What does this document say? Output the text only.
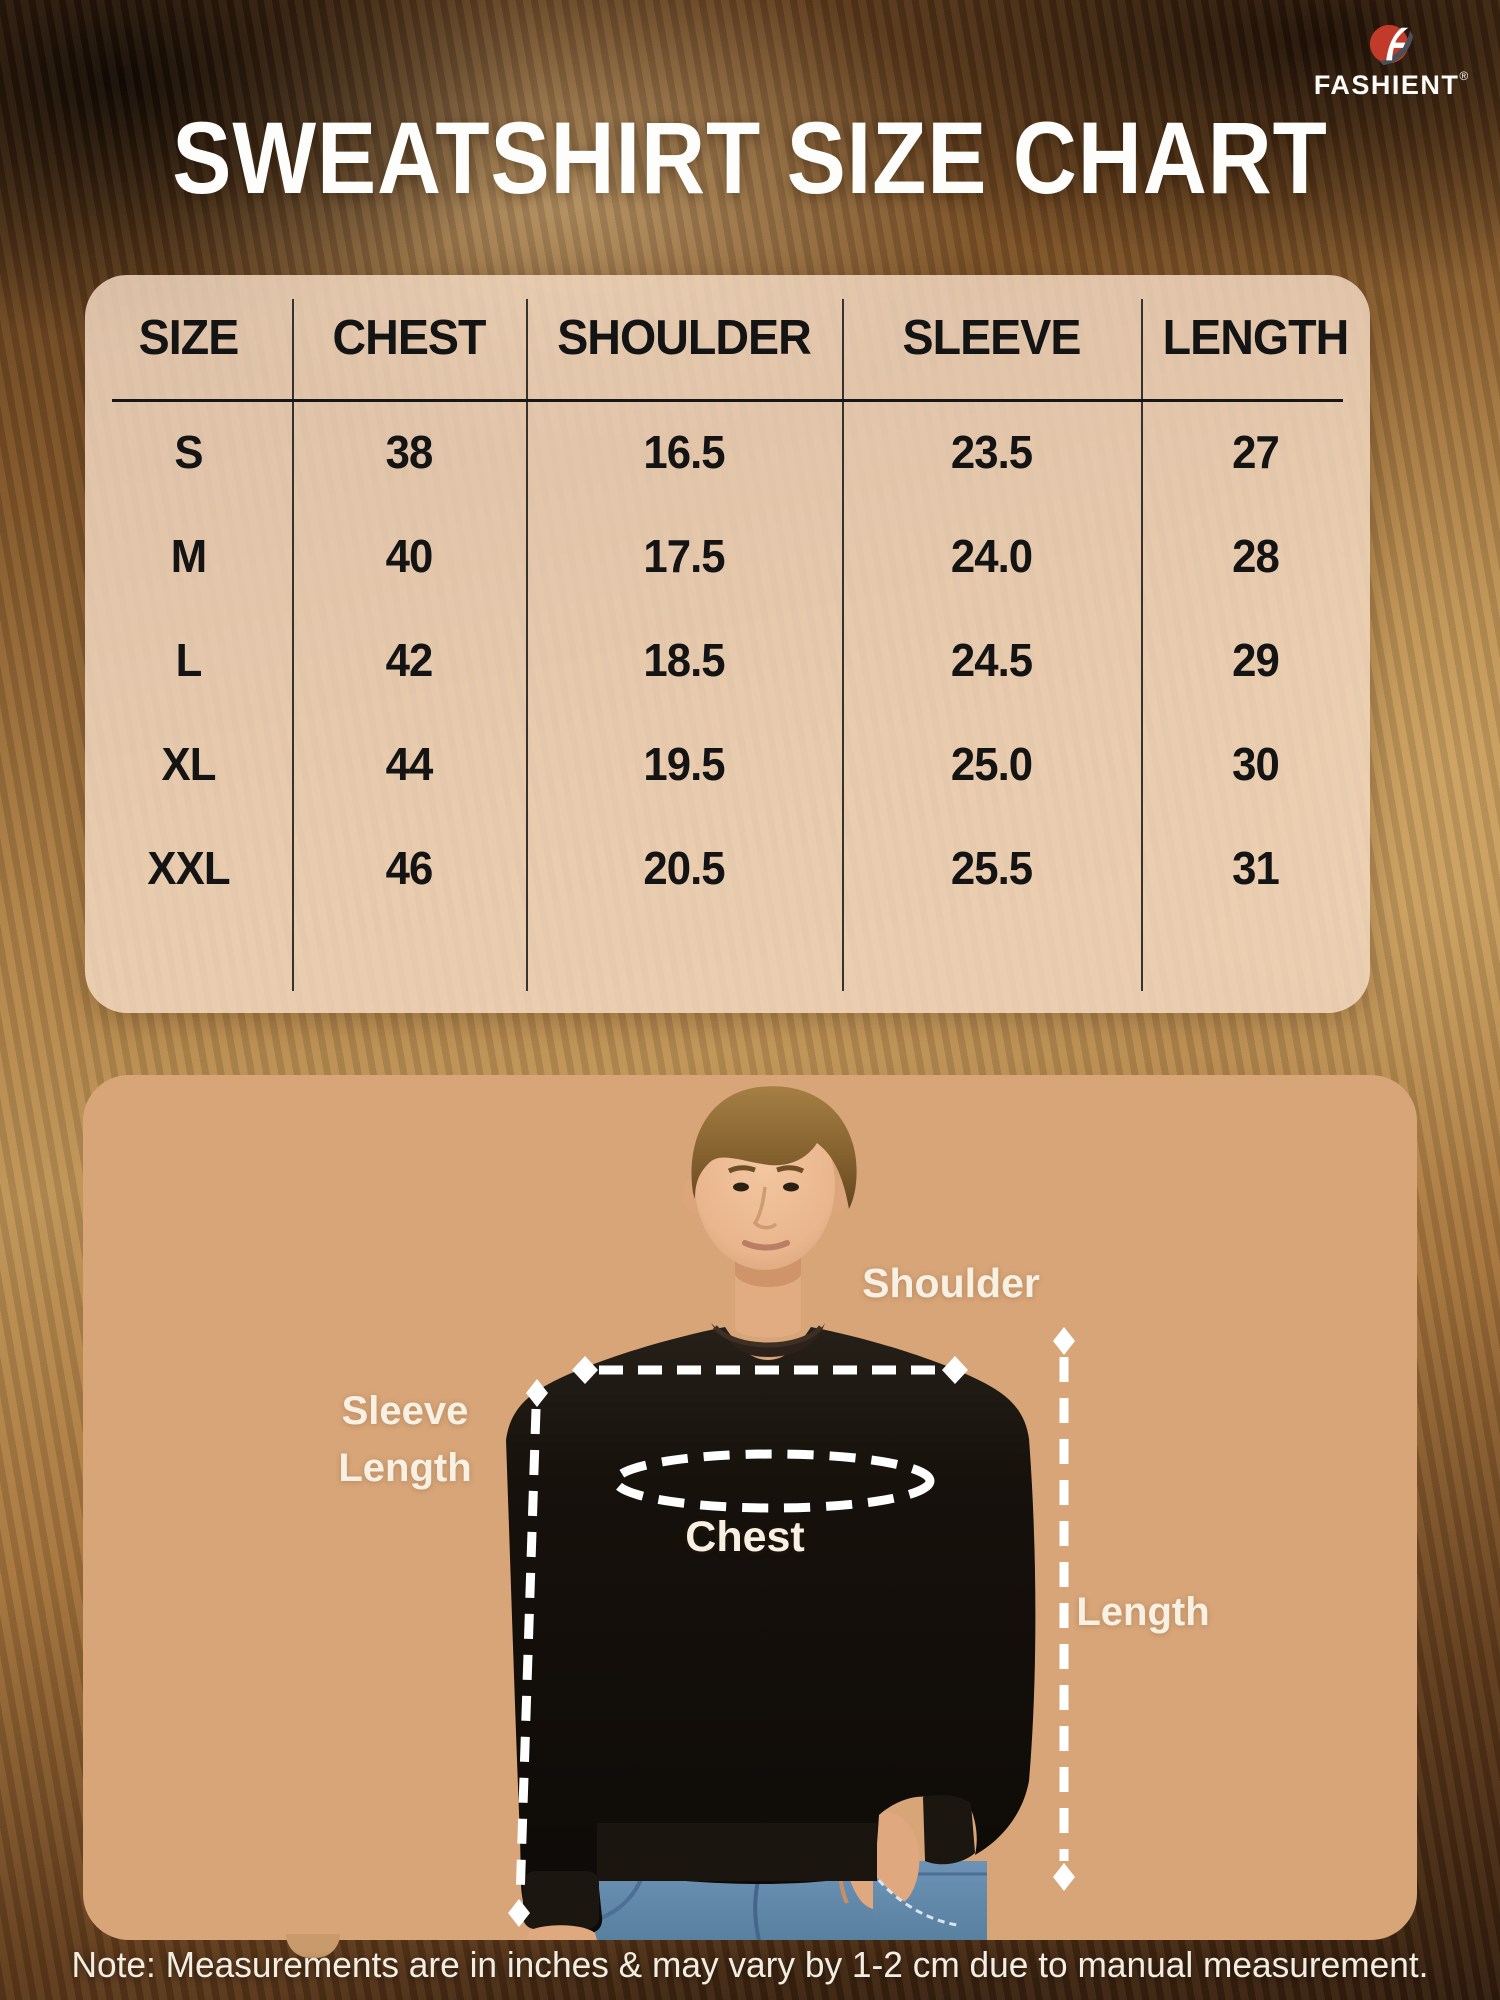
FASHIENT®
SWEATSHIRT SIZE CHART
SIZE	CHEST	SHOULDER	SLEEVE	LENGTH
S	38	16.5	23.5	27
M	40	17.5	24.0	28
L	42	18.5	24.5	29
XL	44	19.5	25.0	30
XXL	46	20.5	25.5	31
Shoulder
Sleeve
Length
Chest
Length
Note: Measurements are in inches & may vary by 1-2 cm due to manual measurement.
